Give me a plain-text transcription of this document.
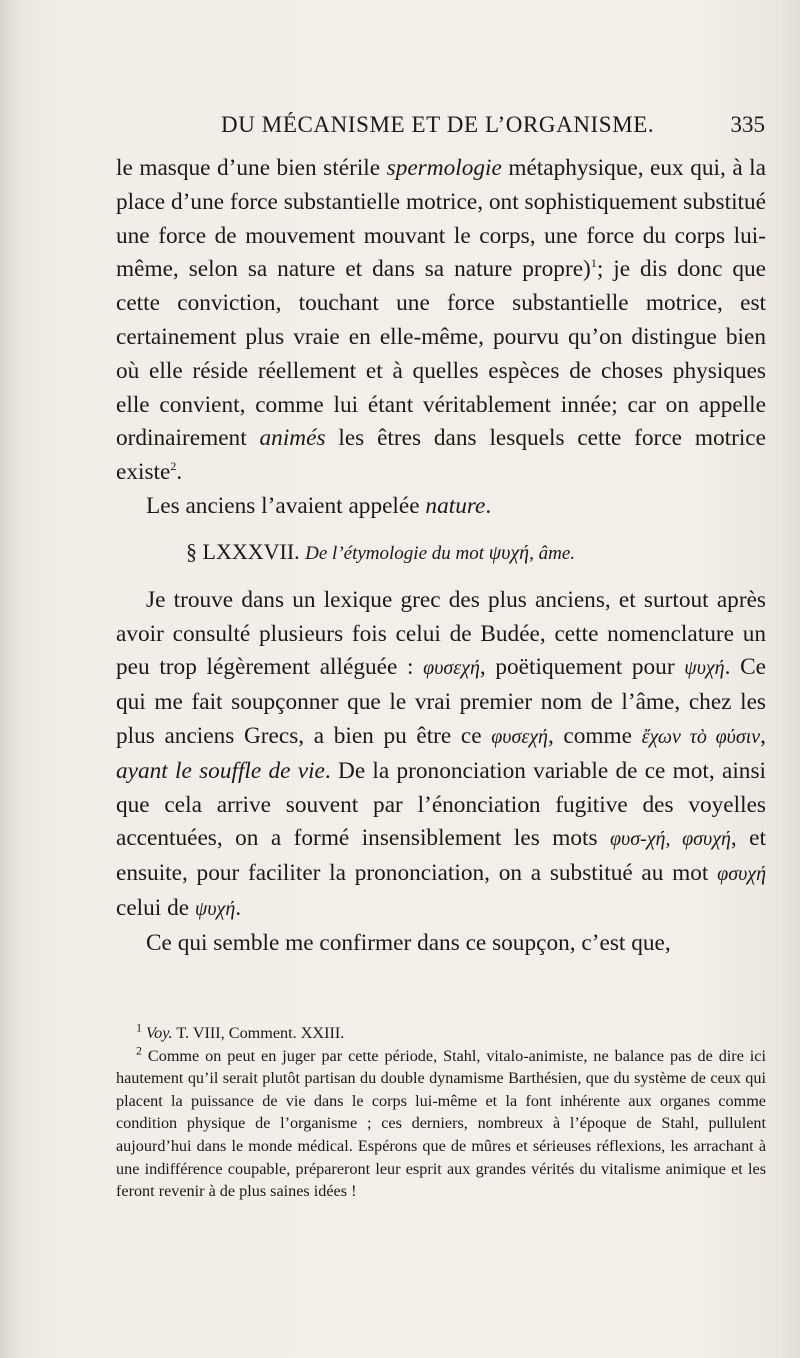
DU MÉCANISME ET DE L’ORGANISME.	335

le masque d’une bien stérile spermologie métaphysique, eux qui, à la place d’une force substantielle motrice, ont sophistiquement substitué une force de mouvement mouvant le corps, une force du corps lui-même, selon sa nature et dans sa nature propre)$^1$; je dis donc que cette conviction, touchant une force substantielle motrice, est certainement plus vraie en elle-même, pourvu qu’on distingue bien où elle réside réellement et à quelles espèces de choses physiques elle convient, comme lui étant véritablement innée; car on appelle ordinairement animés les êtres dans lesquels cette force motrice existe$^2$.

Les anciens l’avaient appelée nature.

§ LXXXVII. De l’étymologie du mot ψυχή, âme.

Je trouve dans un lexique grec des plus anciens, et surtout après avoir consulté plusieurs fois celui de Budée, cette nomenclature un peu trop légèrement alléguée : φυσεχή, poëtiquement pour ψυχή. Ce qui me fait soupçonner que le vrai premier nom de l’âme, chez les plus anciens Grecs, a bien pu être ce φυσεχή, comme ἔχων τὸ φύσιν, ayant le souffle de vie. De la prononciation variable de ce mot, ainsi que cela arrive souvent par l’énonciation fugitive des voyelles accentuées, on a formé insensiblement les mots φυσ-χή, φσυχή, et ensuite, pour faciliter la prononciation, on a substitué au mot φσυχή celui de ψυχή.

Ce qui semble me confirmer dans ce soupçon, c’est que,

$^1$ Voy. T. VIII, Comment. XXIII.

$^2$ Comme on peut en juger par cette période, Stahl, vitalo-animiste, ne balance pas de dire ici hautement qu’il serait plutôt partisan du double dynamisme Barthésien, que du système de ceux qui placent la puissance de vie dans le corps lui-même et la font inhérente aux organes comme condition physique de l’organisme ; ces derniers, nombreux à l’époque de Stahl, pullulent aujourd’hui dans le monde médical. Espérons que de mûres et sérieuses réflexions, les arrachant à une indifférence coupable, prépareront leur esprit aux grandes vérités du vitalisme animique et les feront revenir à de plus saines idées !
